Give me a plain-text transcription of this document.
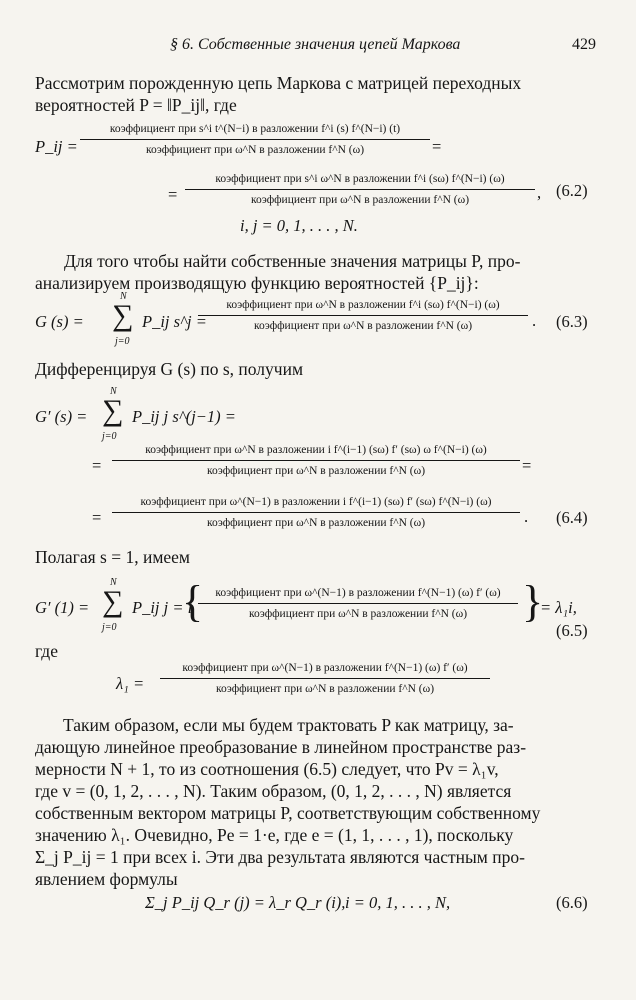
§ 6. Собственные значения цепей Маркова	429
Рассмотрим порожденную цепь Маркова с матрицей переходных
вероятностей P = ‖P_ij‖, где
P_ij =
коэффициент при s^i t^(N−i) в разложении f^i (s) f^(N−i) (t)
коэффициент при ω^N в разложении f^N (ω)	=
=
коэффициент при s^i ω^N в разложении f^i (sω) f^(N−i) (ω)
коэффициент при ω^N в разложении f^N (ω)	, (6.2)
i, j = 0, 1, . . . , N.
Для того чтобы найти собственные значения матрицы P, про-
анализируем производящую функцию вероятностей {P_ij}:
G (s) =
N
∑
j=0
P_ij s^j =
коэффициент при ω^N в разложении f^i (sω) f^(N−i) (ω)
коэффициент при ω^N в разложении f^N (ω)	. (6.3)
Дифференцируя G (s) по s, получим
G′ (s) =
N
∑
j=0
P_ij j s^(j−1) =
=
коэффициент при ω^N в разложении i f^(i−1) (sω) f′ (sω) ω f^(N−i) (ω)
коэффициент при ω^N в разложении f^N (ω)	=
=
коэффициент при ω^(N−1) в разложении i f^(i−1) (sω) f′ (sω) f^(N−i) (ω)
коэффициент при ω^N в разложении f^N (ω)	. (6.4)
Полагая s = 1, имеем
G′ (1) =
N
∑
j=0
P_ij j = i
{	коэффициент при ω^(N−1) в разложении f^(N−1) (ω) f′ (ω)
коэффициент при ω^N в разложении f^N (ω)	}
= λ₁i,
(6.5)
где
λ₁ =
коэффициент при ω^(N−1) в разложении f^(N−1) (ω) f′ (ω)
коэффициент при ω^N в разложении f^N (ω)
Таким образом, если мы будем трактовать P как матрицу, за-
дающую линейное преобразование в линейном пространстве раз-
мерности N + 1, то из соотношения (6.5) следует, что Pv = λ₁v,
где v = (0, 1, 2, . . . , N). Таким образом, (0, 1, 2, . . . , N) является
собственным вектором матрицы P, соответствующим собственному
значению λ₁. Очевидно, Pe = 1·e, где e = (1, 1, . . . , 1), поскольку
Σ_j P_ij = 1 при всех i. Эти два результата являются частным про-
явлением формулы
Σ_j P_ij Q_r (j) = λ_r Q_r (i), i = 0, 1, . . . , N,	(6.6)
